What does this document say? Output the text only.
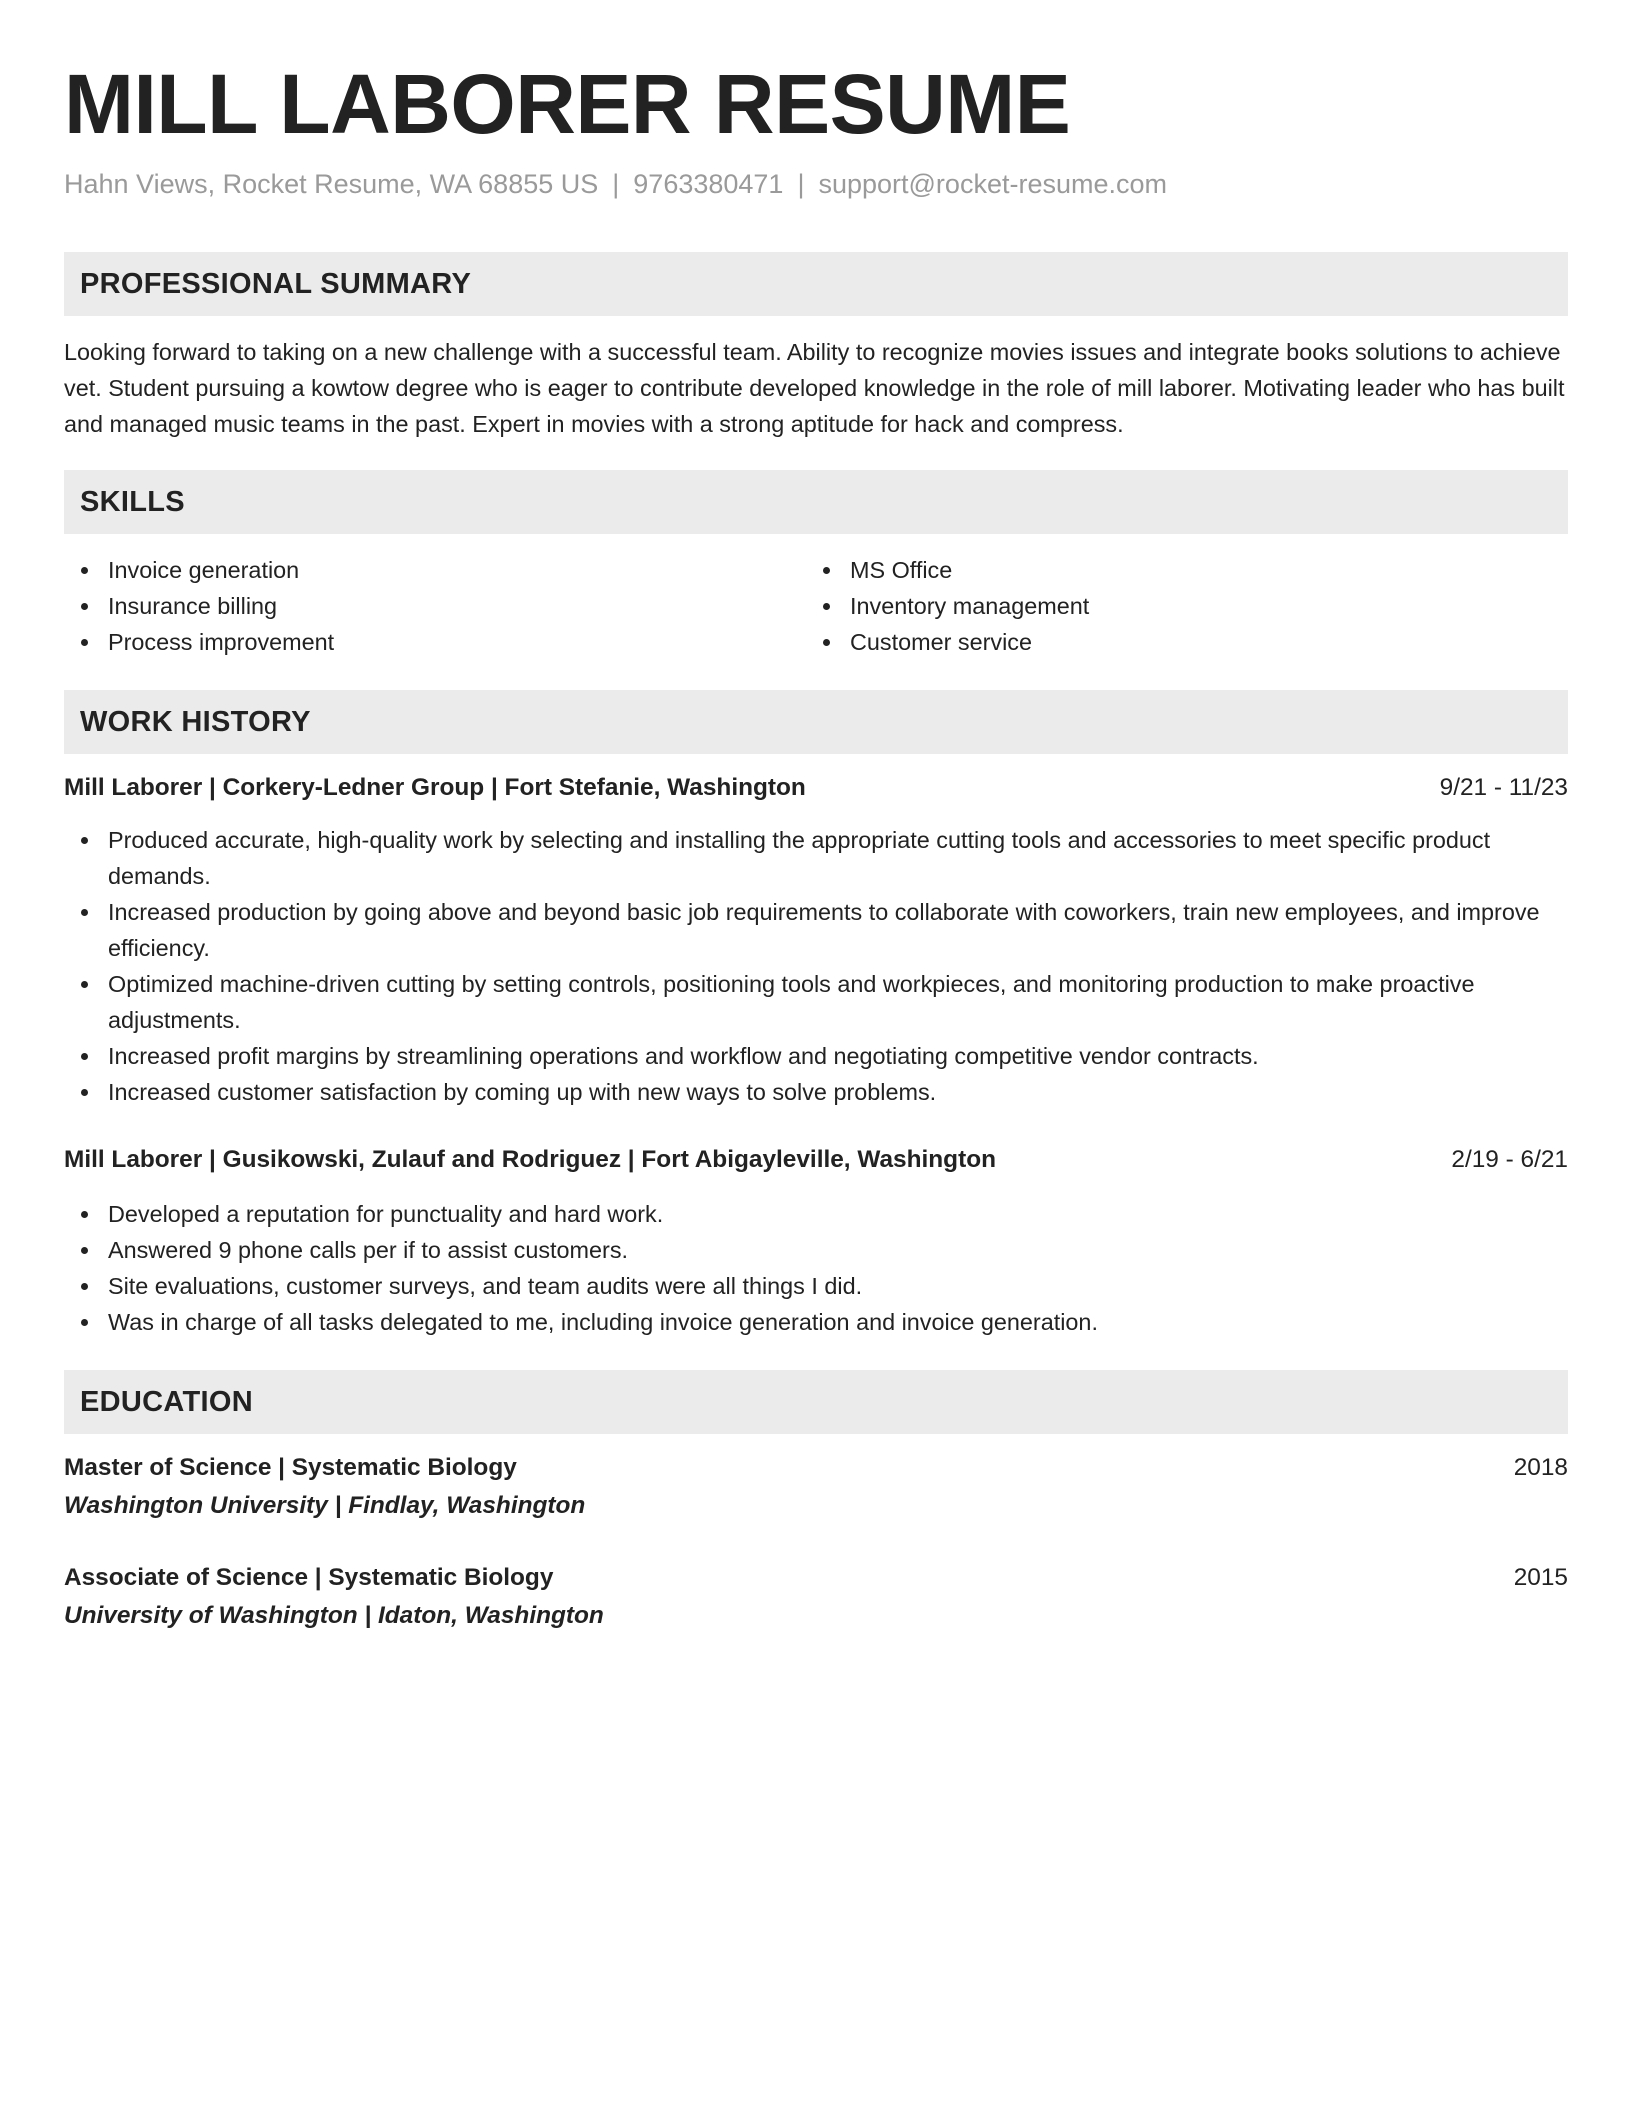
MILL LABORER RESUME
Hahn Views, Rocket Resume, WA 68855 US | 9763380471 | support@rocket-resume.com
PROFESSIONAL SUMMARY

Looking forward to taking on a new challenge with a successful team. Ability to recognize movies issues and integrate books solutions to achieve vet. Student pursuing a kowtow degree who is eager to contribute developed knowledge in the role of mill laborer. Motivating leader who has built and managed music teams in the past. Expert in movies with a strong aptitude for hack and compress.

SKILLS
Invoice generation
Insurance billing
Process improvement
MS Office
Inventory management
Customer service
WORK HISTORY
Mill Laborer | Corkery-Ledner Group | Fort Stefanie, Washington	9/21 - 11/23
Produced accurate, high-quality work by selecting and installing the appropriate cutting tools and accessories to meet specific product demands.
Increased production by going above and beyond basic job requirements to collaborate with coworkers, train new employees, and improve efficiency.
Optimized machine-driven cutting by setting controls, positioning tools and workpieces, and monitoring production to make proactive adjustments.
Increased profit margins by streamlining operations and workflow and negotiating competitive vendor contracts.
Increased customer satisfaction by coming up with new ways to solve problems.
Mill Laborer | Gusikowski, Zulauf and Rodriguez | Fort Abigayleville, Washington	2/19 - 6/21
Developed a reputation for punctuality and hard work.
Answered 9 phone calls per if to assist customers.
Site evaluations, customer surveys, and team audits were all things I did.
Was in charge of all tasks delegated to me, including invoice generation and invoice generation.
EDUCATION
Master of Science | Systematic Biology	2018
Washington University | Findlay, Washington
Associate of Science | Systematic Biology	2015
University of Washington | Idaton, Washington
